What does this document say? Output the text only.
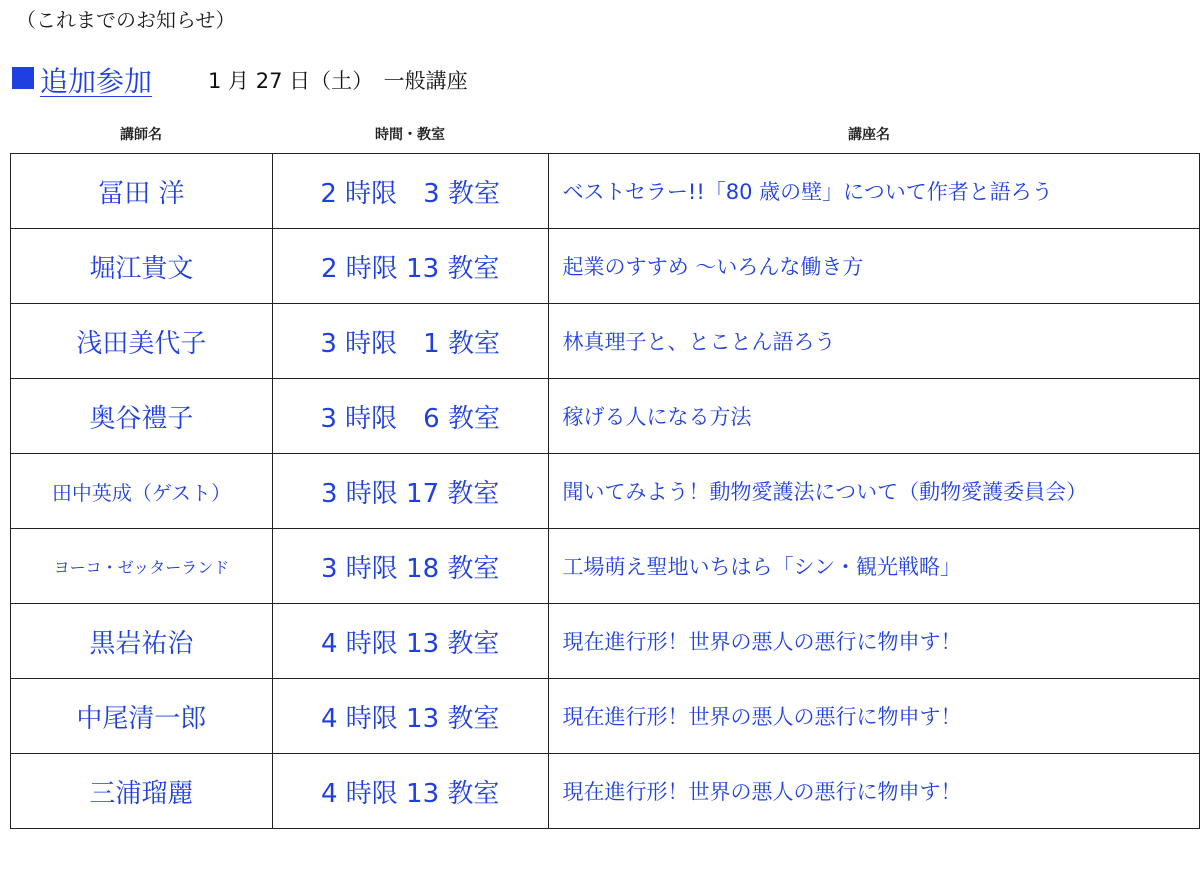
（これまでのお知らせ）
追加参加	1 月 27 日（土）　一般講座
講師名	時間・教室	講座名
冨田 洋	2 時限　3 教室	ベストセラー!!「80 歳の壁」について作者と語ろう
堀江貴文	2 時限 13 教室	起業のすすめ ～いろんな働き方
浅田美代子	3 時限　1 教室	林真理子と、とことん語ろう
奥谷禮子	3 時限　6 教室	稼げる人になる方法
田中英成（ゲスト）	3 時限 17 教室	聞いてみよう！動物愛護法について（動物愛護委員会）
ヨーコ・ゼッターランド	3 時限 18 教室	工場萌え聖地いちはら「シン・観光戦略」
黒岩祐治	4 時限 13 教室	現在進行形！世界の悪人の悪行に物申す！
中尾清一郎	4 時限 13 教室	現在進行形！世界の悪人の悪行に物申す！
三浦瑠麗	4 時限 13 教室	現在進行形！世界の悪人の悪行に物申す！
